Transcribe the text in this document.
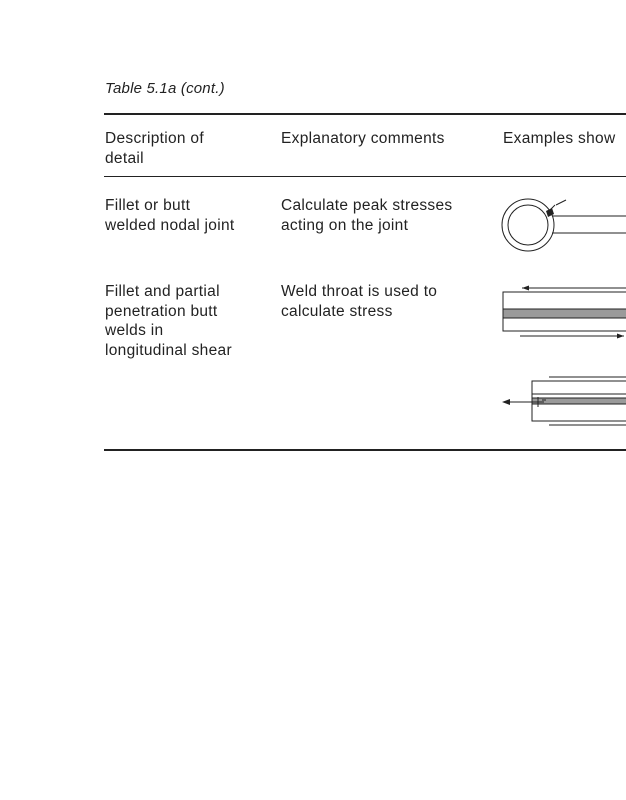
Table 5.1a (cont.)
Description of
detail
Explanatory comments	Examples show
Fillet or butt
welded nodal joint
Calculate peak stresses
acting on the joint
Fillet and partial
penetration butt
welds in
longitudinal shear
Weld throat is used to
calculate stress
